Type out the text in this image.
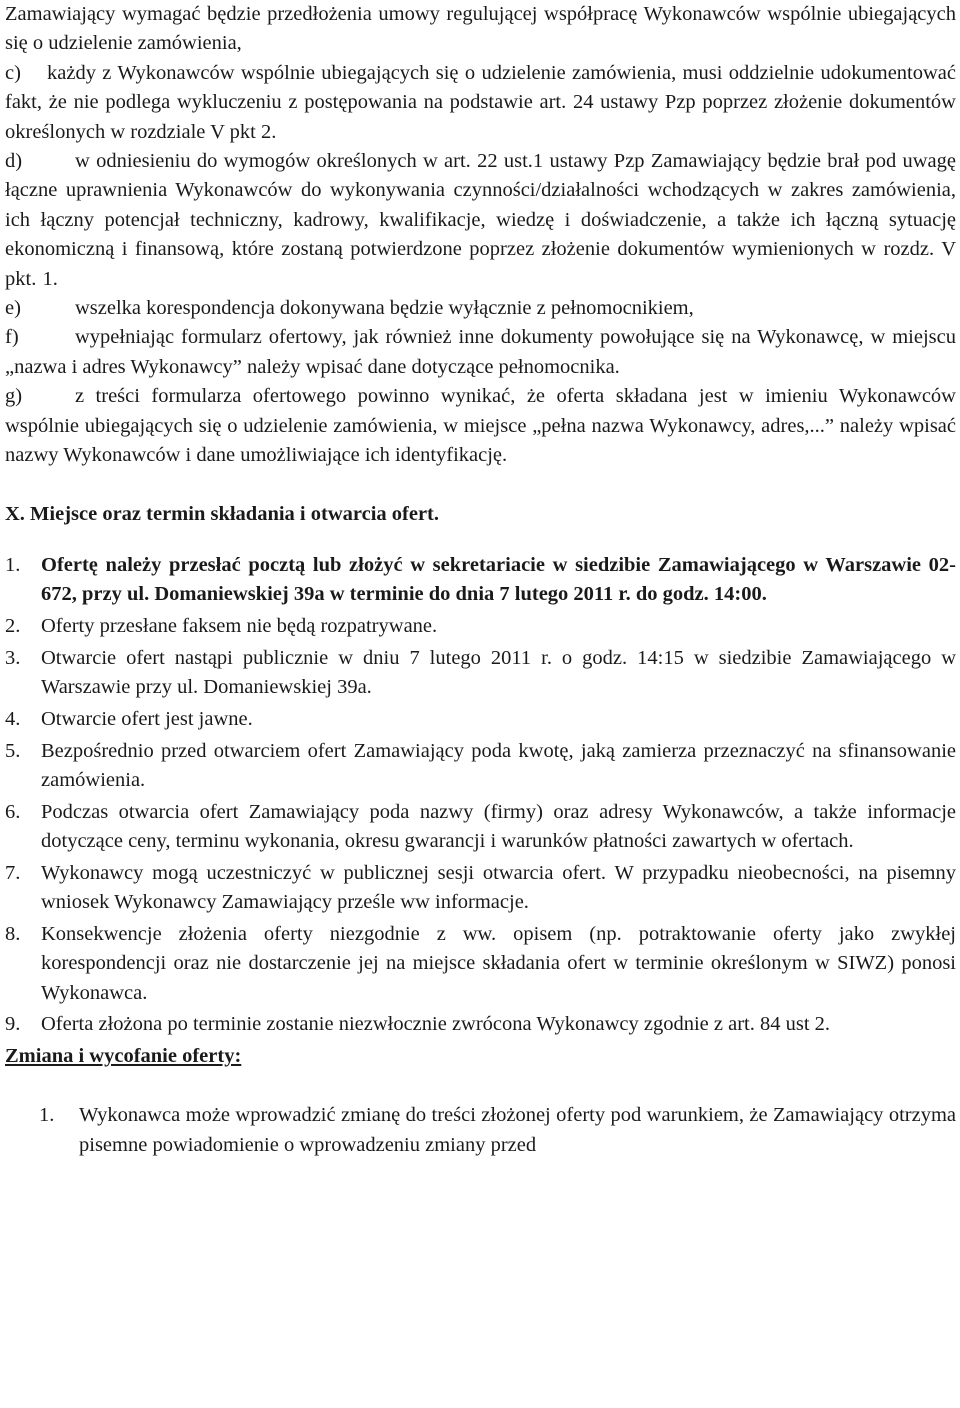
Zamawiający wymagać będzie przedłożenia umowy regulującej współpracę Wykonawców wspólnie ubiegających się o udzielenie zamówienia,

c)	każdy z Wykonawców wspólnie ubiegających się o udzielenie zamówienia, musi oddzielnie udokumentować fakt, że nie podlega wykluczeniu z postępowania na podstawie art. 24 ustawy Pzp poprzez złożenie dokumentów określonych w rozdziale V pkt 2.
d)	w odniesieniu do wymogów określonych w art. 22 ust.1 ustawy Pzp Zamawiający będzie brał pod uwagę łączne uprawnienia Wykonawców do wykonywania czynności/działalności wchodzących w zakres zamówienia, ich łączny potencjał techniczny, kadrowy, kwalifikacje, wiedzę i doświadczenie, a także ich łączną sytuację ekonomiczną i finansową, które zostaną potwierdzone poprzez złożenie dokumentów wymienionych w rozdz. V pkt. 1.
e)	wszelka korespondencja dokonywana będzie wyłącznie z pełnomocnikiem,
f)	wypełniając formularz ofertowy, jak również inne dokumenty powołujące się na Wykonawcę, w miejscu „nazwa i adres Wykonawcy” należy wpisać dane dotyczące pełnomocnika.
g)	z treści formularza ofertowego powinno wynikać, że oferta składana jest w imieniu Wykonawców wspólnie ubiegających się o udzielenie zamówienia, w miejsce „pełna nazwa Wykonawcy, adres,...” należy wpisać nazwy Wykonawców i dane umożliwiające ich identyfikację.

X. Miejsce oraz termin składania i otwarcia ofert.

1.	Ofertę należy przesłać pocztą lub złożyć w sekretariacie w siedzibie Zamawiającego w Warszawie 02-672, przy ul. Domaniewskiej 39a w terminie do dnia 7 lutego 2011 r. do godz. 14:00.
2.	Oferty przesłane faksem nie będą rozpatrywane.
3.	Otwarcie ofert nastąpi publicznie w dniu 7 lutego 2011 r. o godz. 14:15 w siedzibie Zamawiającego w Warszawie przy ul. Domaniewskiej 39a.
4.	Otwarcie ofert jest jawne.
5.	Bezpośrednio przed otwarciem ofert Zamawiający poda kwotę, jaką zamierza przeznaczyć na sfinansowanie zamówienia.
6.	Podczas otwarcia ofert Zamawiający poda nazwy (firmy) oraz adresy Wykonawców, a także informacje dotyczące ceny, terminu wykonania, okresu gwarancji i warunków płatności zawartych w ofertach.
7.	Wykonawcy mogą uczestniczyć w publicznej sesji otwarcia ofert. W przypadku nieobecności, na pisemny wniosek Wykonawcy Zamawiający prześle ww informacje.
8.	Konsekwencje złożenia oferty niezgodnie z ww. opisem (np. potraktowanie oferty jako zwykłej korespondencji oraz nie dostarczenie jej na miejsce składania ofert w terminie określonym w SIWZ) ponosi Wykonawca.
9.	Oferta złożona po terminie zostanie niezwłocznie zwrócona Wykonawcy zgodnie z art. 84 ust 2.

Zmiana i wycofanie oferty:

1.	Wykonawca może wprowadzić zmianę do treści złożonej oferty pod warunkiem, że Zamawiający otrzyma pisemne powiadomienie o wprowadzeniu zmiany przed
